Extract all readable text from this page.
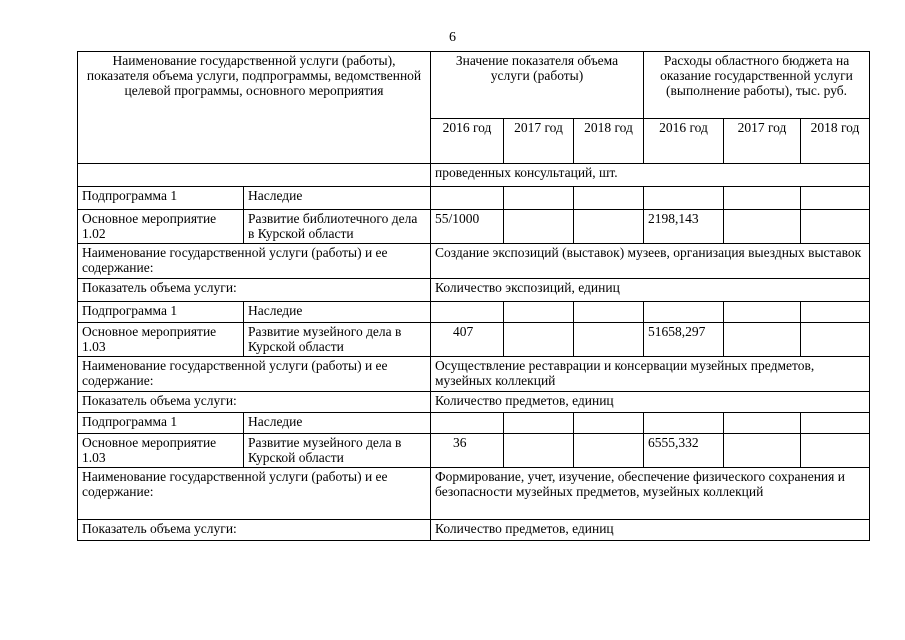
6
Наименование государственной услуги (работы), показателя объема услуги, подпрограммы, ведомственной целевой программы, основного мероприятия		Значение показателя объема услуги (работы)			Расходы областного бюджета на оказание государственной услуги (выполнение работы), тыс. руб.		
		2016 год	2017 год	2018 год	2016 год	2017 год	2018 год
		проведенных консультаций, шт.					
Подпрограмма 1	Наследие						
Основное мероприятие 1.02	Развитие библиотечного дела в Курской области	55/1000			2198,143		
Наименование государственной услуги (работы) и ее содержание:		Создание экспозиций (выставок) музеев, организация выездных выставок					
Показатель объема услуги:		Количество экспозиций, единиц					
Подпрограмма 1	Наследие						
Основное мероприятие 1.03	Развитие музейного дела в Курской области	407			51658,297		
Наименование государственной услуги (работы) и ее содержание:		Осуществление реставрации и консервации музейных предметов, музейных коллекций					
Показатель объема услуги:		Количество предметов, единиц					
Подпрограмма 1	Наследие						
Основное мероприятие 1.03	Развитие музейного дела в Курской области	36			6555,332		
Наименование государственной услуги (работы) и ее содержание:		Формирование, учет, изучение, обеспечение физического сохранения и безопасности музейных предметов, музейных коллекций					
Показатель объема услуги:		Количество предметов, единиц					
